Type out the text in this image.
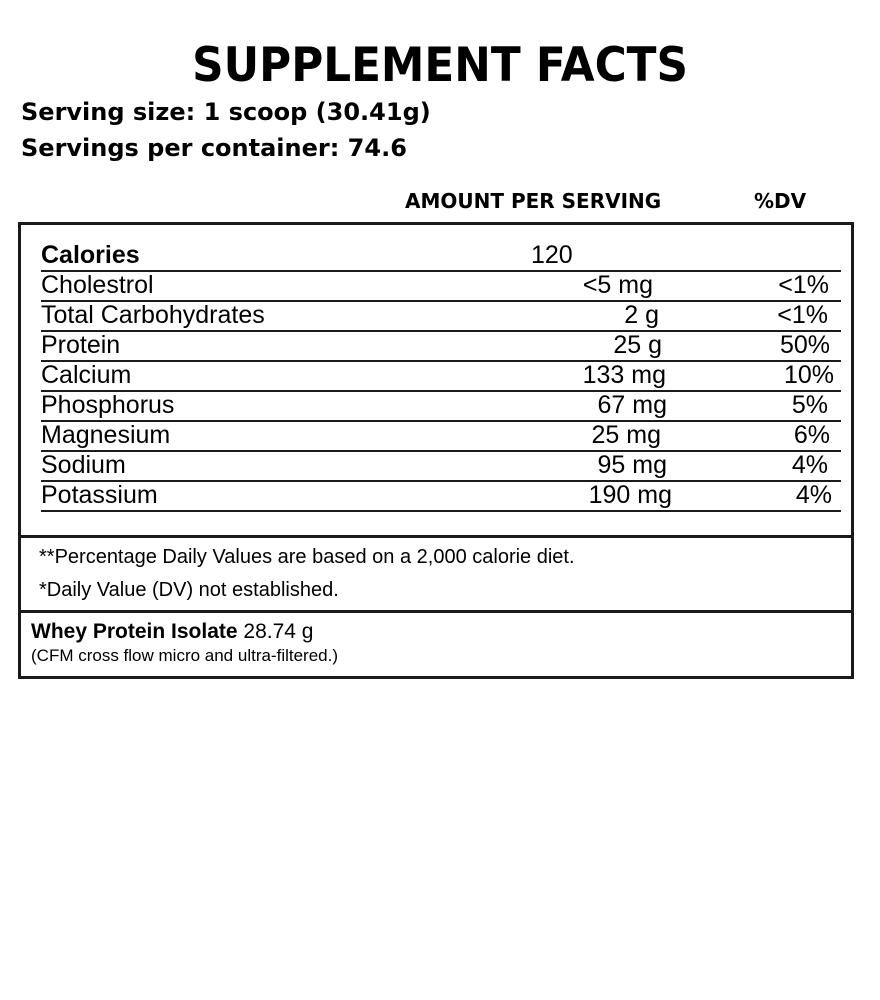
SUPPLEMENT FACTS
Serving size: 1 scoop (30.41g)
Servings per container: 74.6
AMOUNT PER SERVING	%DV
Calories	120
Cholestrol	<5 mg	<1%
Total Carbohydrates	2 g	<1%
Protein	25 g	50%
Calcium	133 mg	10%
Phosphorus	67 mg	5%
Magnesium	25 mg	6%
Sodium	95 mg	4%
Potassium	190 mg	4%
**Percentage Daily Values are based on a 2,000 calorie diet.
*Daily Value (DV) not established.
Whey Protein Isolate 28.74 g
(CFM cross flow micro and ultra-filtered.)
